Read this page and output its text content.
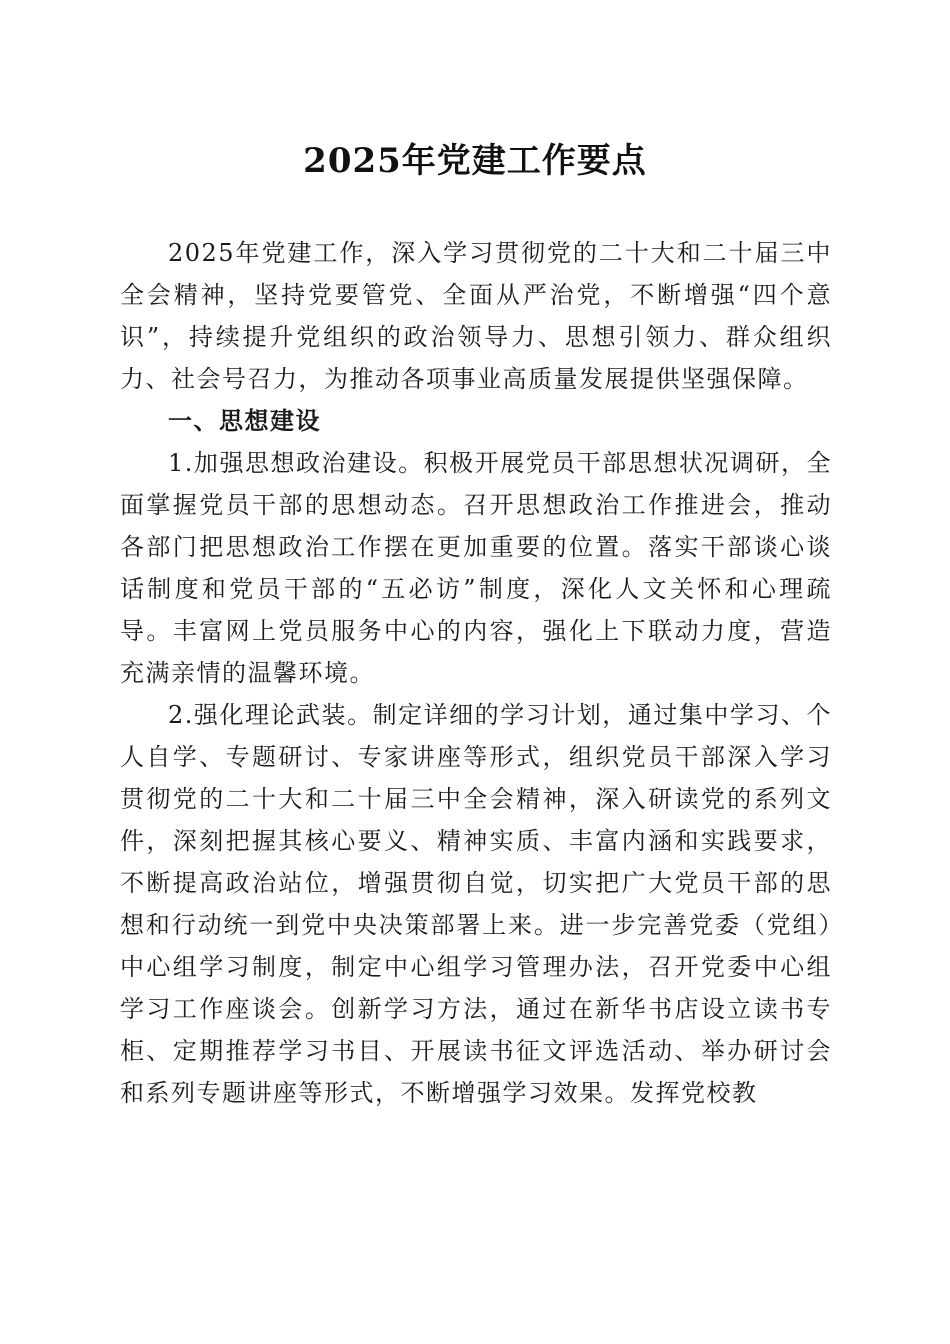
2025年党建工作要点

2025年党建工作，深入学习贯彻党的二十大和二十届三中全会精神，坚持党要管党、全面从严治党，不断增强“四个意识”，持续提升党组织的政治领导力、思想引领力、群众组织力、社会号召力，为推动各项事业高质量发展提供坚强保障。

一、思想建设

1.加强思想政治建设。积极开展党员干部思想状况调研，全面掌握党员干部的思想动态。召开思想政治工作推进会，推动各部门把思想政治工作摆在更加重要的位置。落实干部谈心谈话制度和党员干部的“五必访”制度，深化人文关怀和心理疏导。丰富网上党员服务中心的内容，强化上下联动力度，营造充满亲情的温馨环境。

2.强化理论武装。制定详细的学习计划，通过集中学习、个人自学、专题研讨、专家讲座等形式，组织党员干部深入学习贯彻党的二十大和二十届三中全会精神，深入研读党的系列文件，深刻把握其核心要义、精神实质、丰富内涵和实践要求，不断提高政治站位，增强贯彻自觉，切实把广大党员干部的思想和行动统一到党中央决策部署上来。进一步完善党委（党组）中心组学习制度，制定中心组学习管理办法，召开党委中心组学习工作座谈会。创新学习方法，通过在新华书店设立读书专柜、定期推荐学习书目、开展读书征文评选活动、举办研讨会和系列专题讲座等形式，不断增强学习效果。发挥党校教
